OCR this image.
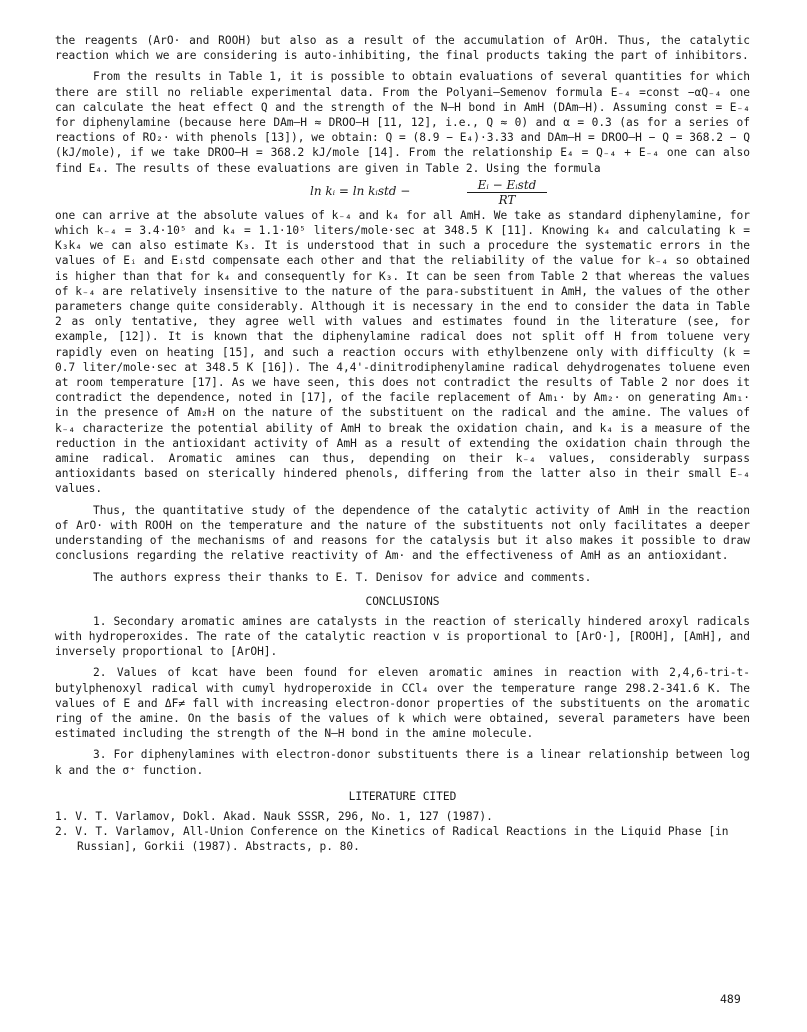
the reagents (ArO· and ROOH) but also as a result of the accumulation of ArOH. Thus, the catalytic reaction which we are considering is auto-inhibiting, the final products taking the part of inhibitors.

From the results in Table 1, it is possible to obtain evaluations of several quantities for which there are still no reliable experimental data. From the Polyani–Semenov formula E₋₄ =const −αQ₋₄ one can calculate the heat effect Q and the strength of the N–H bond in AmH (DAm–H). Assuming const = E₋₄ for diphenylamine (because here DAm–H ≈ DROO–H [11, 12], i.e., Q ≈ 0) and α = 0.3 (as for a series of reactions of RO₂· with phenols [13]), we obtain: Q = (8.9 − E₄)·3.33 and DAm–H = DROO–H − Q = 368.2 − Q (kJ/mole), if we take DROO–H = 368.2 kJ/mole [14]. From the relationship E₄ = Q₋₄ + E₋₄ one can also find E₄. The results of these evaluations are given in Table 2. Using the formula

ln kᵢ = ln kᵢstd −	Eᵢ − Eᵢstd
RT

one can arrive at the absolute values of k₋₄ and k₄ for all AmH. We take as standard diphenylamine, for which k₋₄ = 3.4·10⁵ and k₄ = 1.1·10⁵ liters/mole·sec at 348.5 K [11]. Knowing k₄ and calculating k = K₃k₄ we can also estimate K₃. It is understood that in such a procedure the systematic errors in the values of Eᵢ and Eᵢstd compensate each other and that the reliability of the value for k₋₄ so obtained is higher than that for k₄ and consequently for K₃. It can be seen from Table 2 that whereas the values of k₋₄ are relatively insensitive to the nature of the para-substituent in AmH, the values of the other parameters change quite considerably. Although it is necessary in the end to consider the data in Table 2 as only tentative, they agree well with values and estimates found in the literature (see, for example, [12]). It is known that the diphenylamine radical does not split off H from toluene very rapidly even on heating [15], and such a reaction occurs with ethylbenzene only with difficulty (k = 0.7 liter/mole·sec at 348.5 K [16]). The 4,4'-dinitrodiphenylamine radical dehydrogenates toluene even at room temperature [17]. As we have seen, this does not contradict the results of Table 2 nor does it contradict the dependence, noted in [17], of the facile replacement of Am₁· by Am₂· on generating Am₁· in the presence of Am₂H on the nature of the substituent on the radical and the amine. The values of k₋₄ characterize the potential ability of AmH to break the oxidation chain, and k₄ is a measure of the reduction in the antioxidant activity of AmH as a result of extending the oxidation chain through the amine radical. Aromatic amines can thus, depending on their k₋₄ values, considerably surpass antioxidants based on sterically hindered phenols, differing from the latter also in their small E₋₄ values.

Thus, the quantitative study of the dependence of the catalytic activity of AmH in the reaction of ArO· with ROOH on the temperature and the nature of the substituents not only facilitates a deeper understanding of the mechanisms of and reasons for the catalysis but it also makes it possible to draw conclusions regarding the relative reactivity of Am· and the effectiveness of AmH as an antioxidant.

The authors express their thanks to E. T. Denisov for advice and comments.

CONCLUSIONS

1. Secondary aromatic amines are catalysts in the reaction of sterically hindered aroxyl radicals with hydroperoxides. The rate of the catalytic reaction v is proportional to [ArO·], [ROOH], [AmH], and inversely proportional to [ArOH].

2. Values of kcat have been found for eleven aromatic amines in reaction with 2,4,6-tri-t-butylphenoxyl radical with cumyl hydroperoxide in CCl₄ over the temperature range 298.2-341.6 K. The values of E and ΔF≠ fall with increasing electron-donor properties of the substituents on the aromatic ring of the amine. On the basis of the values of k which were obtained, several parameters have been estimated including the strength of the N–H bond in the amine molecule.

3. For diphenylamines with electron-donor substituents there is a linear relationship between log k and the σ⁺ function.

LITERATURE CITED

1. V. T. Varlamov, Dokl. Akad. Nauk SSSR, 296, No. 1, 127 (1987).

2. V. T. Varlamov, All-Union Conference on the Kinetics of Radical Reactions in the Liquid Phase [in Russian], Gorkii (1987). Abstracts, p. 80.

489
